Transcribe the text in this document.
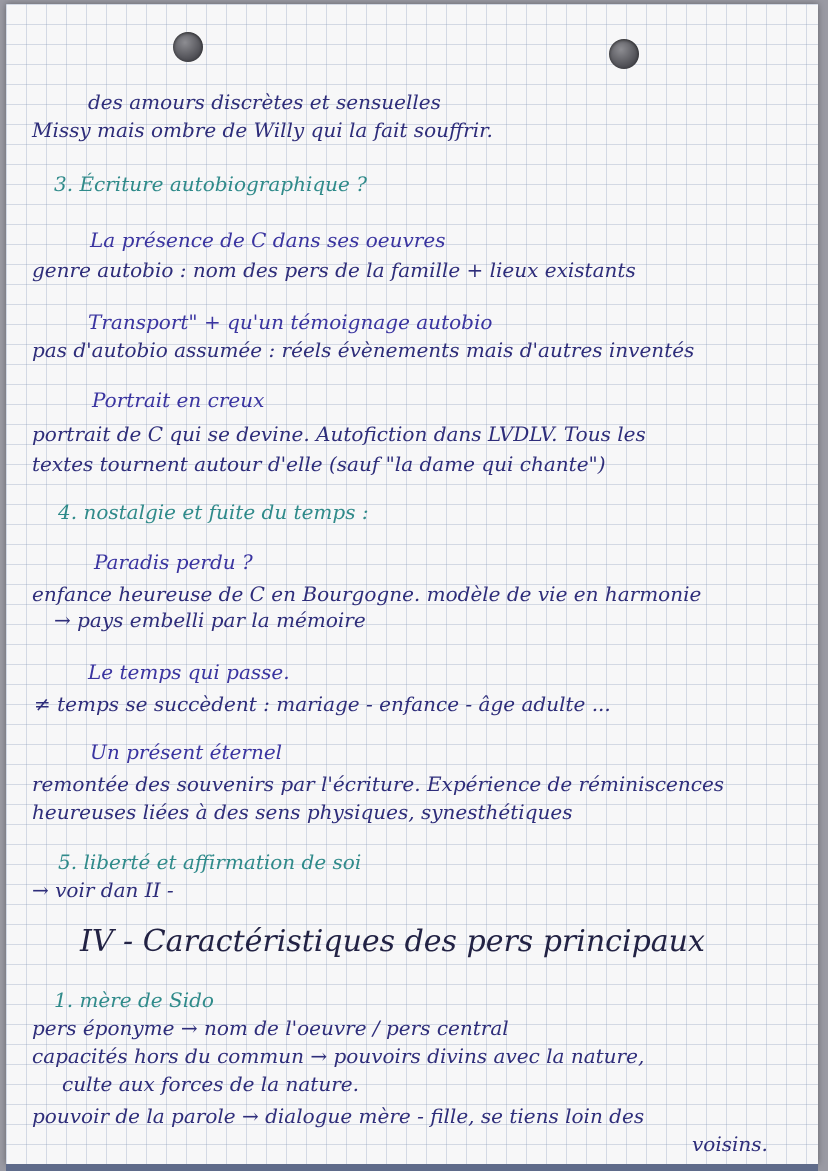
des amours discrètes et sensuelles
Missy mais ombre de Willy qui la fait souffrir.
3. Écriture autobiographique ?
La présence de C dans ses oeuvres
genre autobio : nom des pers de la famille + lieux existants
Transport" + qu'un témoignage autobio
pas d'autobio assumée : réels évènements mais d'autres inventés
Portrait en creux
portrait de C qui se devine. Autofiction dans LVDLV. Tous les
textes tournent autour d'elle (sauf "la dame qui chante")
4. nostalgie et fuite du temps :
Paradis perdu ?
enfance heureuse de C en Bourgogne. modèle de vie en harmonie
→ pays embelli par la mémoire
Le temps qui passe.
≠ temps se succèdent : mariage - enfance - âge adulte ...
Un présent éternel
remontée des souvenirs par l'écriture. Expérience de réminiscences
heureuses liées à des sens physiques, synesthétiques
5. liberté et affirmation de soi
→ voir dan II -
IV - Caractéristiques des pers principaux
1. mère de Sido
pers éponyme → nom de l'oeuvre / pers central
capacités hors du commun → pouvoirs divins avec la nature,
culte aux forces de la nature.
pouvoir de la parole → dialogue mère - fille, se tiens loin des
voisins.
